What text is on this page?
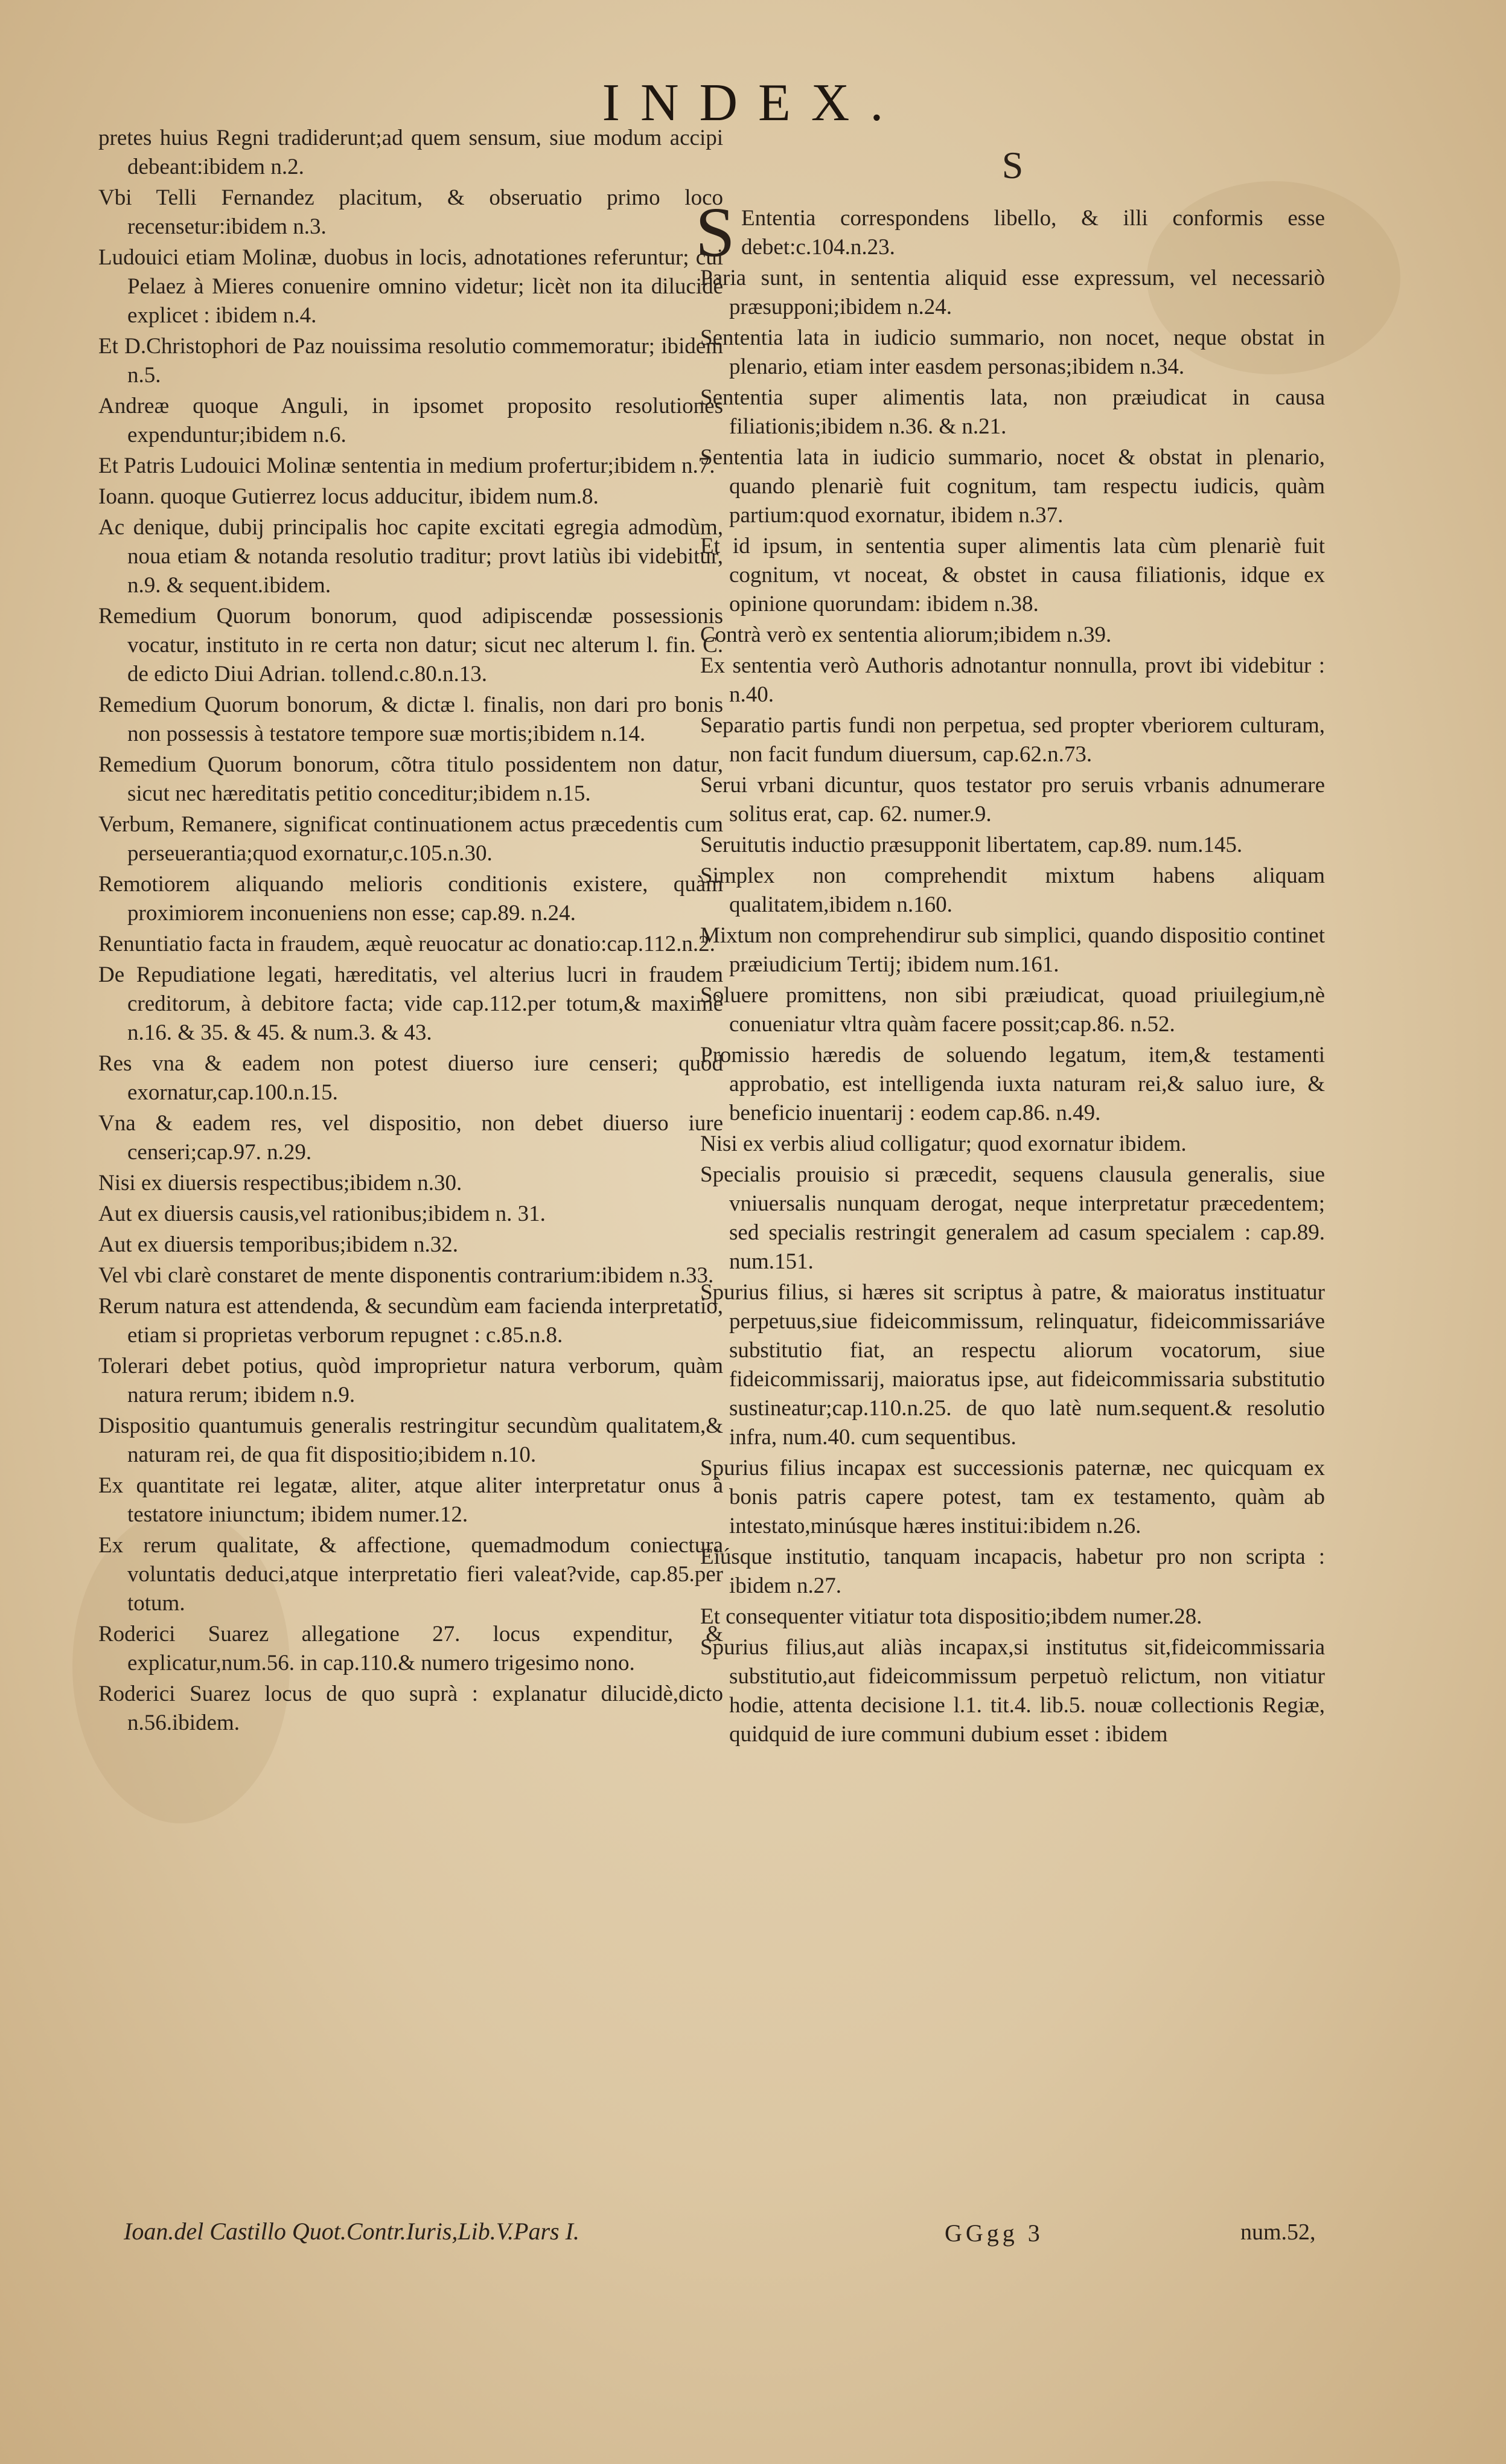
INDEX.

pretes huius Regni tradiderunt;ad quem sensum, siue modum accipi debeant:ibidem n.2.

Vbi Telli Fernandez placitum, & obseruatio primo loco recensetur:ibidem n.3.

Ludouici etiam Molinæ, duobus in locis, adnotationes referuntur; cui Pelaez à Mieres conuenire omnino videtur; licèt non ita dilucidè explicet : ibidem n.4.

Et D.Christophori de Paz nouissima resolutio commemoratur; ibidem n.5.

Andreæ quoque Anguli, in ipsomet proposito resolutiones expenduntur;ibidem n.6.

Et Patris Ludouici Molinæ sententia in medium profertur;ibidem n.7.

Ioann. quoque Gutierrez locus adducitur, ibidem num.8.

Ac denique, dubij principalis hoc capite excitati egregia admodùm, noua etiam & notanda resolutio traditur; provt latiùs ibi videbitur, n.9. & sequent.ibidem.

Remedium Quorum bonorum, quod adipiscendæ possessionis vocatur, instituto in re certa non datur; sicut nec alterum l. fin. C. de edicto Diui Adrian. tollend.c.80.n.13.

Remedium Quorum bonorum, & dictæ l. finalis, non dari pro bonis non possessis à testatore tempore suæ mortis;ibidem n.14.

Remedium Quorum bonorum, cõtra titulo possidentem non datur, sicut nec hæreditatis petitio conceditur;ibidem n.15.

Verbum, Remanere, significat continuationem actus præcedentis cum perseuerantia;quod exornatur,c.105.n.30.

Remotiorem aliquando melioris conditionis existere, quàm proximiorem inconueniens non esse; cap.89. n.24.

Renuntiatio facta in fraudem, æquè reuocatur ac donatio:cap.112.n.2.

De Repudiatione legati, hæreditatis, vel alterius lucri in fraudem creditorum, à debitore facta; vide cap.112.per totum,& maximè n.16. & 35. & 45. & num.3. & 43.

Res vna & eadem non potest diuerso iure censeri; quod exornatur,cap.100.n.15.

Vna & eadem res, vel dispositio, non debet diuerso iure censeri;cap.97. n.29.

Nisi ex diuersis respectibus;ibidem n.30.

Aut ex diuersis causis,vel rationibus;ibidem n. 31.

Aut ex diuersis temporibus;ibidem n.32.

Vel vbi clarè constaret de mente disponentis contrarium:ibidem n.33.

Rerum natura est attendenda, & secundùm eam facienda interpretatio, etiam si proprietas verborum repugnet : c.85.n.8.

Tolerari debet potius, quòd improprietur natura verborum, quàm natura rerum; ibidem n.9.

Dispositio quantumuis generalis restringitur secundùm qualitatem,& naturam rei, de qua fit dispositio;ibidem n.10.

Ex quantitate rei legatæ, aliter, atque aliter interpretatur onus à testatore iniunctum; ibidem numer.12.

Ex rerum qualitate, & affectione, quemadmodum coniectura voluntatis deduci,atque interpretatio fieri valeat?vide, cap.85.per totum.

Roderici Suarez allegatione 27. locus expenditur, & explicatur,num.56. in cap.110.& numero trigesimo nono.

Roderici Suarez locus de quo suprà : explanatur dilucidè,dicto n.56.ibidem.

S

S Ententia correspondens libello, & illi conformis esse debet:c.104.n.23.

Paria sunt, in sententia aliquid esse expressum, vel necessariò præsupponi;ibidem n.24.

Sententia lata in iudicio summario, non nocet, neque obstat in plenario, etiam inter easdem personas;ibidem n.34.

Sententia super alimentis lata, non præiudicat in causa filiationis;ibidem n.36. & n.21.

Sententia lata in iudicio summario, nocet & obstat in plenario, quando plenariè fuit cognitum, tam respectu iudicis, quàm partium:quod exornatur, ibidem n.37.

Et id ipsum, in sententia super alimentis lata cùm plenariè fuit cognitum, vt noceat, & obstet in causa filiationis, idque ex opinione quorundam: ibidem n.38.

Contrà verò ex sententia aliorum;ibidem n.39.

Ex sententia verò Authoris adnotantur nonnulla, provt ibi videbitur : n.40.

Separatio partis fundi non perpetua, sed propter vberiorem culturam, non facit fundum diuersum, cap.62.n.73.

Serui vrbani dicuntur, quos testator pro seruis vrbanis adnumerare solitus erat, cap. 62. numer.9.

Seruitutis inductio præsupponit libertatem, cap.89. num.145.

Simplex non comprehendit mixtum habens aliquam qualitatem,ibidem n.160.

Mixtum non comprehendirur sub simplici, quando dispositio continet præiudicium Tertij; ibidem num.161.

Soluere promittens, non sibi præiudicat, quoad priuilegium,nè conueniatur vltra quàm facere possit;cap.86. n.52.

Promissio hæredis de soluendo legatum, item,& testamenti approbatio, est intelligenda iuxta naturam rei,& saluo iure, & beneficio inuentarij : eodem cap.86. n.49.

Nisi ex verbis aliud colligatur; quod exornatur ibidem.

Specialis prouisio si præcedit, sequens clausula generalis, siue vniuersalis nunquam derogat, neque interpretatur præcedentem; sed specialis restringit generalem ad casum specialem : cap.89. num.151.

Spurius filius, si hæres sit scriptus à patre, & maioratus instituatur perpetuus,siue fideicommissum, relinquatur, fideicommissariáve substitutio fiat, an respectu aliorum vocatorum, siue fideicommissarij, maioratus ipse, aut fideicommissaria substitutio sustineatur;cap.110.n.25. de quo latè num.sequent.& resolutio infra, num.40. cum sequentibus.

Spurius filius incapax est successionis paternæ, nec quicquam ex bonis patris capere potest, tam ex testamento, quàm ab intestato,minúsque hæres institui:ibidem n.26.

Eiúsque institutio, tanquam incapacis, habetur pro non scripta : ibidem n.27.

Et consequenter vitiatur tota dispositio;ibdem numer.28.

Spurius filius,aut aliàs incapax,si institutus sit,fideicommissaria substitutio,aut fideicommissum perpetuò relictum, non vitiatur hodie, attenta decisione l.1. tit.4. lib.5. nouæ collectionis Regiæ, quidquid de iure communi dubium esset : ibidem

Ioan.del Castillo Quot.Contr.Iuris,Lib.V.Pars I.	GGgg 3	num.52,
